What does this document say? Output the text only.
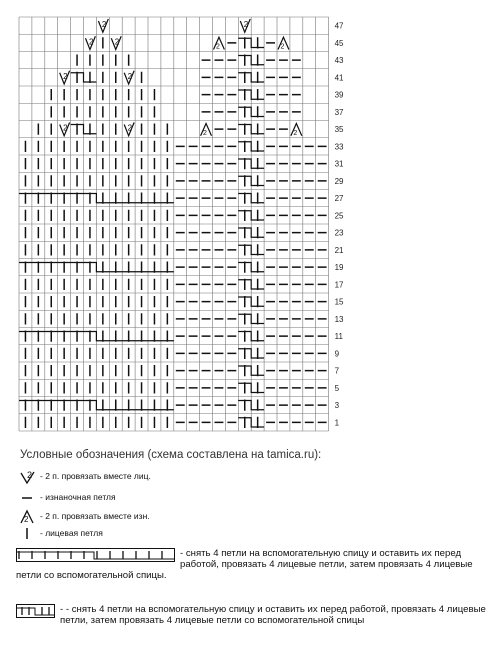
2
2	2
2	2
2	2
2
2	2
2	2
47
45
43
41
39
37
35
33
31
29
27
25
23
21
19
17
15
13
11
9
7
5
3
1
Условные обозначения (схема составлена на tamica.ru):
2 - 2 п. провязать вместе лиц.
- изнаночная петля
2 - 2 п. провязать вместе изн.
- лицевая петля
- снять 4 петли на вспомогательную спицу и оставить их перед работой, провязать 4 лицевые петли, затем провязать 4 лицевые петли со вспомогательной спицы.
- - снять 4 петли на вспомогательную спицу и оставить их перед работой, провязать 4 лицевые петли, затем провязать 4 лицевые петли со вспомогательной спицы
